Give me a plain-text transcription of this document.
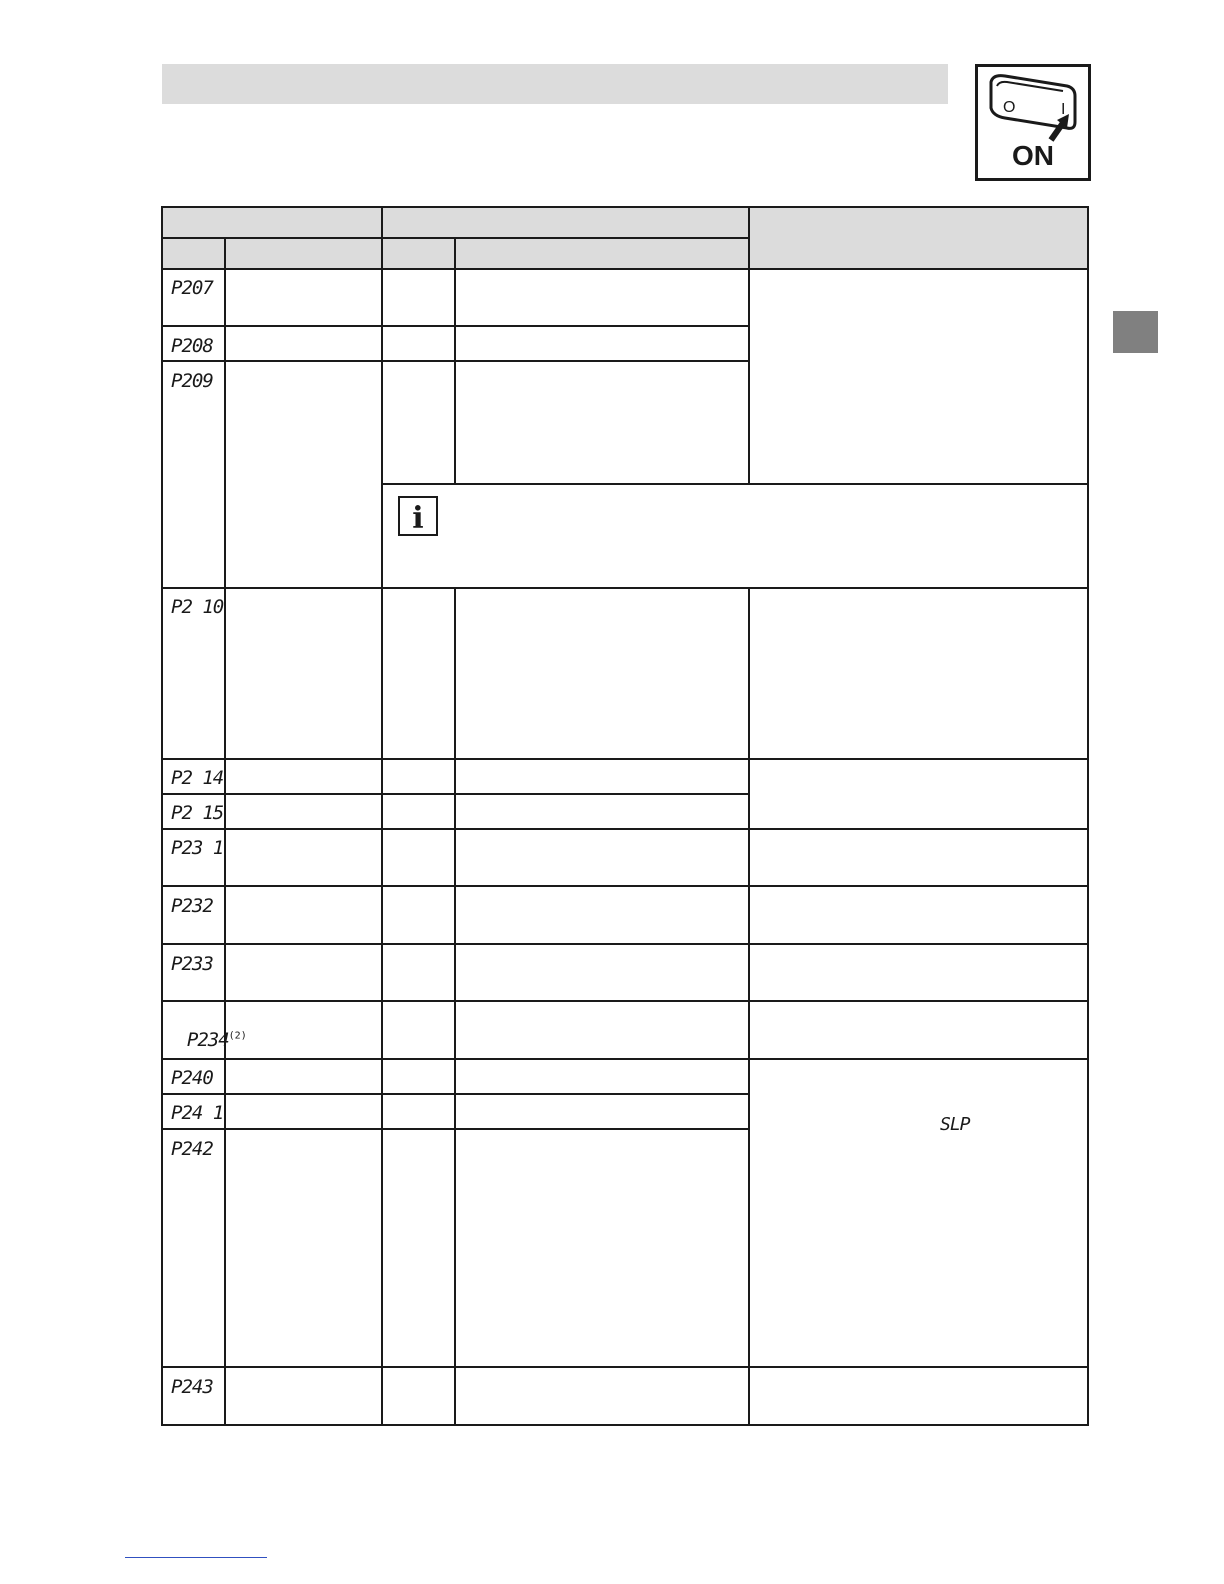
O	I
ON
P207
P208
P209
P2 10
P2 14
P2 15
P23 1
P232
P233

P234$^{(2)}$

P240
P24 1
P242
P243
SLP
i
